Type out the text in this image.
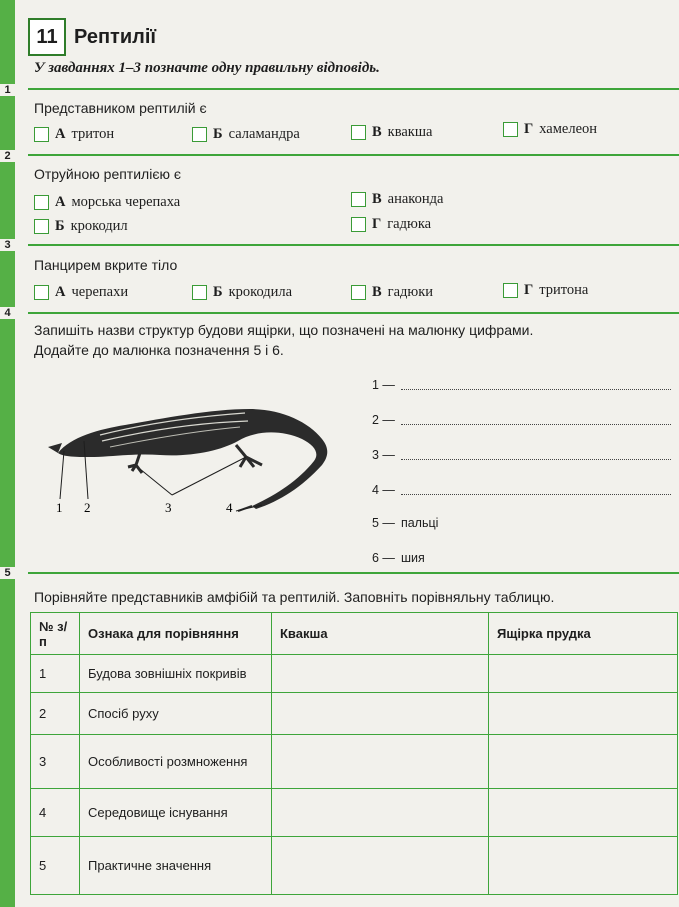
11 Рептилії
У завданнях 1–3 позначте одну правильну відповідь.
1
Представником рептилій є
А тритон	Б саламандра	В квакша	Г хамелеон
2
Отруйною рептилією є
А морська черепаха
Б крокодил
В анаконда
Г гадюка
3
Панцирем вкрите тіло
А черепахи	Б крокодила	В гадюки	Г тритона
4
Запишіть назви структур будови ящірки, що позначені на малюнку цифрами.
Додайте до малюнка позначення 5 і 6.
1 2	3	4
1 —
2 —
3 —
4 —
5 — пальці
6 — шия
5
Порівняйте представників амфібій та рептилій. Заповніть порівняльну таблицю.
№ з/п	Ознака для порівняння	Квакша	Ящірка прудка
1	Будова зовнішніх покривів		
2	Спосіб руху		
3	Особливості розмноження		
4	Середовище існування		
5	Практичне значення		
